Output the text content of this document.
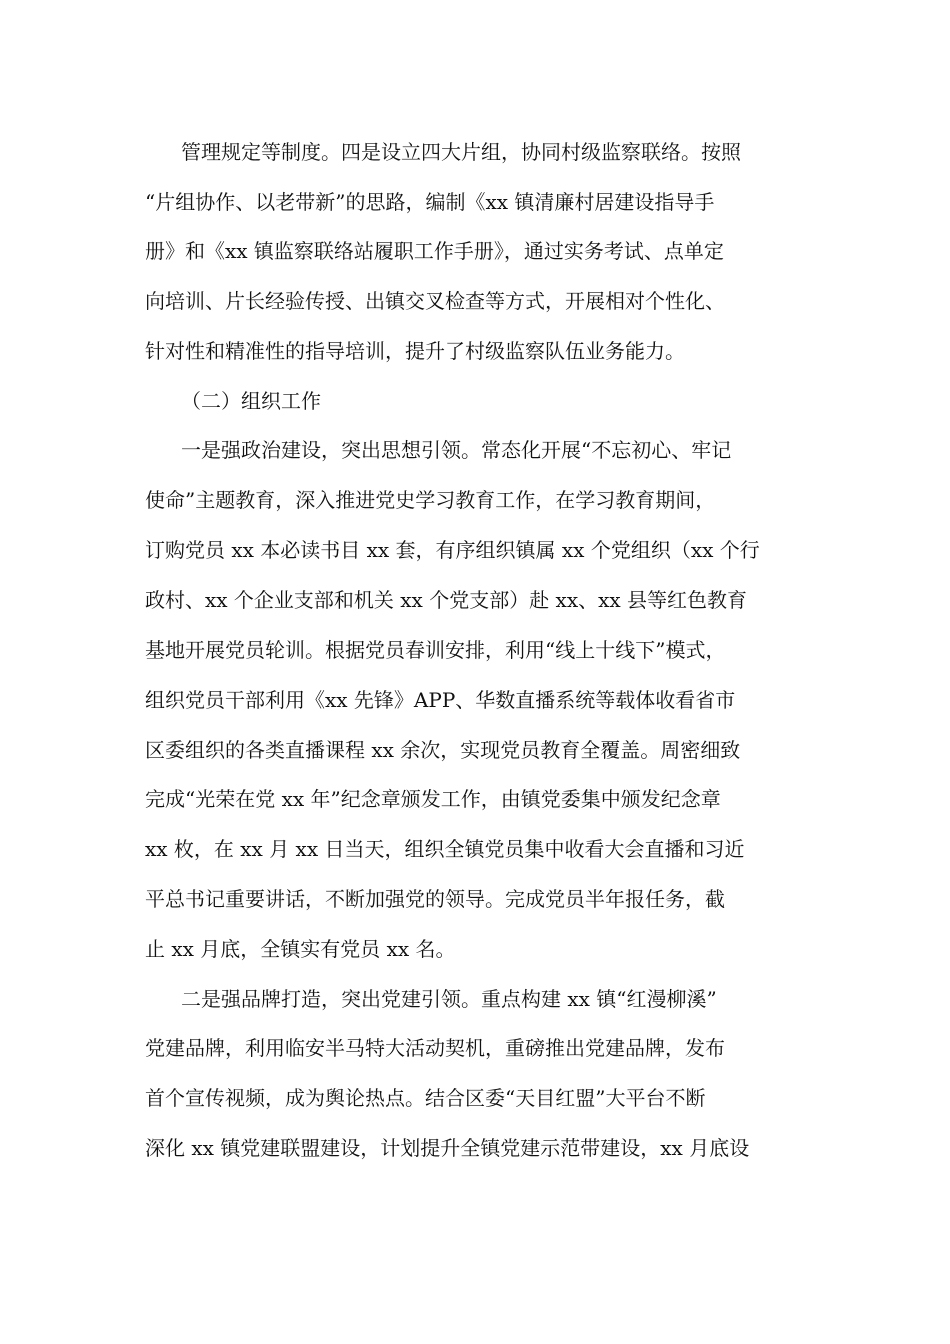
管理规定等制度。四是设立四大片组，协同村级监察联络。按照
“片组协作、以老带新”的思路，编制《xx 镇清廉村居建设指导手
册》和《xx 镇监察联络站履职工作手册》，通过实务考试、点单定
向培训、片长经验传授、出镇交叉检查等方式，开展相对个性化、
针对性和精准性的指导培训，提升了村级监察队伍业务能力。
（二）组织工作
一是强政治建设，突出思想引领。常态化开展“不忘初心、牢记
使命”主题教育，深入推进党史学习教育工作，在学习教育期间，
订购党员 xx 本必读书目 xx 套，有序组织镇属 xx 个党组织（xx 个行
政村、xx 个企业支部和机关 xx 个党支部）赴 xx、xx 县等红色教育
基地开展党员轮训。根据党员春训安排，利用“线上十线下”模式，
组织党员干部利用《xx 先锋》APP、华数直播系统等载体收看省市
区委组织的各类直播课程 xx 余次，实现党员教育全覆盖。周密细致
完成“光荣在党 xx 年”纪念章颁发工作，由镇党委集中颁发纪念章
xx 枚，在 xx 月 xx 日当天，组织全镇党员集中收看大会直播和习近
平总书记重要讲话，不断加强党的领导。完成党员半年报任务，截
止 xx 月底，全镇实有党员 xx 名。
二是强品牌打造，突出党建引领。重点构建 xx 镇“红漫柳溪”
党建品牌，利用临安半马特大活动契机，重磅推出党建品牌，发布
首个宣传视频，成为舆论热点。结合区委“天目红盟”大平台不断
深化 xx 镇党建联盟建设，计划提升全镇党建示范带建设，xx 月底设
